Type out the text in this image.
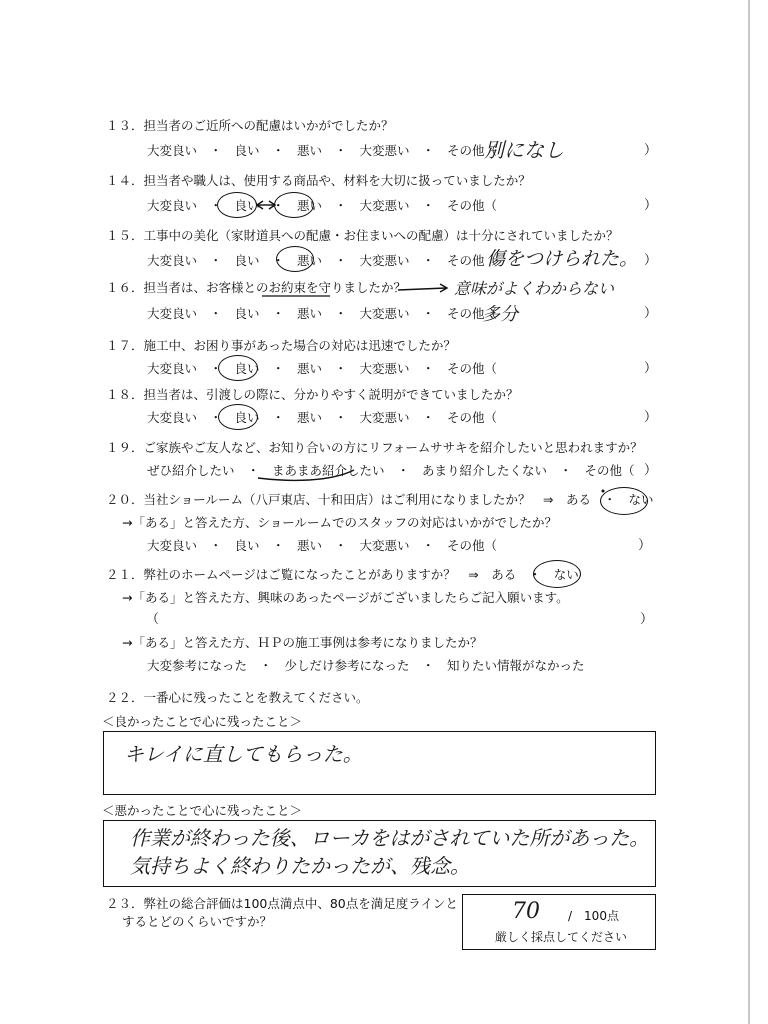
１３．担当者のご近所への配慮はいかがでしたか？
大変良い　・　良い　・　悪い　・　大変悪い　・　その他（
別になし	）
１４．担当者や職人は、使用する商品や、材料を大切に扱っていましたか？
大変良い　・　良い　・　悪い　・　大変悪い　・　その他（	）
１５．工事中の美化（家財道具への配慮・お住まいへの配慮）は十分にされていましたか？
大変良い　・　良い　・　悪い　・　大変悪い　・　その他（
傷をつけられた。 ）
１６．担当者は、お客様とのお約束を守りましたか？	意味がよくわからない
大変良い　・　良い　・　悪い　・　大変悪い　・　その他（
多分	）
１７．施工中、お困り事があった場合の対応は迅速でしたか？
大変良い　・　良い　・　悪い　・　大変悪い　・　その他（	）
１８．担当者は、引渡しの際に、分かりやすく説明ができていましたか？
大変良い　・　良い　・　悪い　・　大変悪い　・　その他（	）
１９．ご家族やご友人など、お知り合いの方にリフォームササキを紹介したいと思われますか？
ぜひ紹介したい　・　まあまあ紹介したい　・　あまり紹介したくない　・　その他（ ）
２０．当社ショールーム（八戸東店、十和田店）はご利用になりましたか？　⇒　ある　・　ない
→「ある」と答えた方、ショールームでのスタッフの対応はいかがでしたか？
大変良い　・　良い　・　悪い　・　大変悪い　・　その他（	）
２１．弊社のホームページはご覧になったことがありますか？　⇒　ある　・　ない
→「ある」と答えた方、興味のあったページがございましたらご記入願います。
（	）
→「ある」と答えた方、ＨＰの施工事例は参考になりましたか？
大変参考になった　・　少しだけ参考になった　・　知りたい情報がなかった
２２．一番心に残ったことを教えてください。
＜良かったことで心に残ったこと＞
キレイに直してもらった。
＜悪かったことで心に残ったこと＞
作業が終わった後、ローカをはがされていた所があった。
気持ちよく終わりたかったが、残念。
２３．弊社の総合評価は100点満点中、80点を満足度ラインと
するとどのくらいですか？	70 /　100点
厳しく採点してください
